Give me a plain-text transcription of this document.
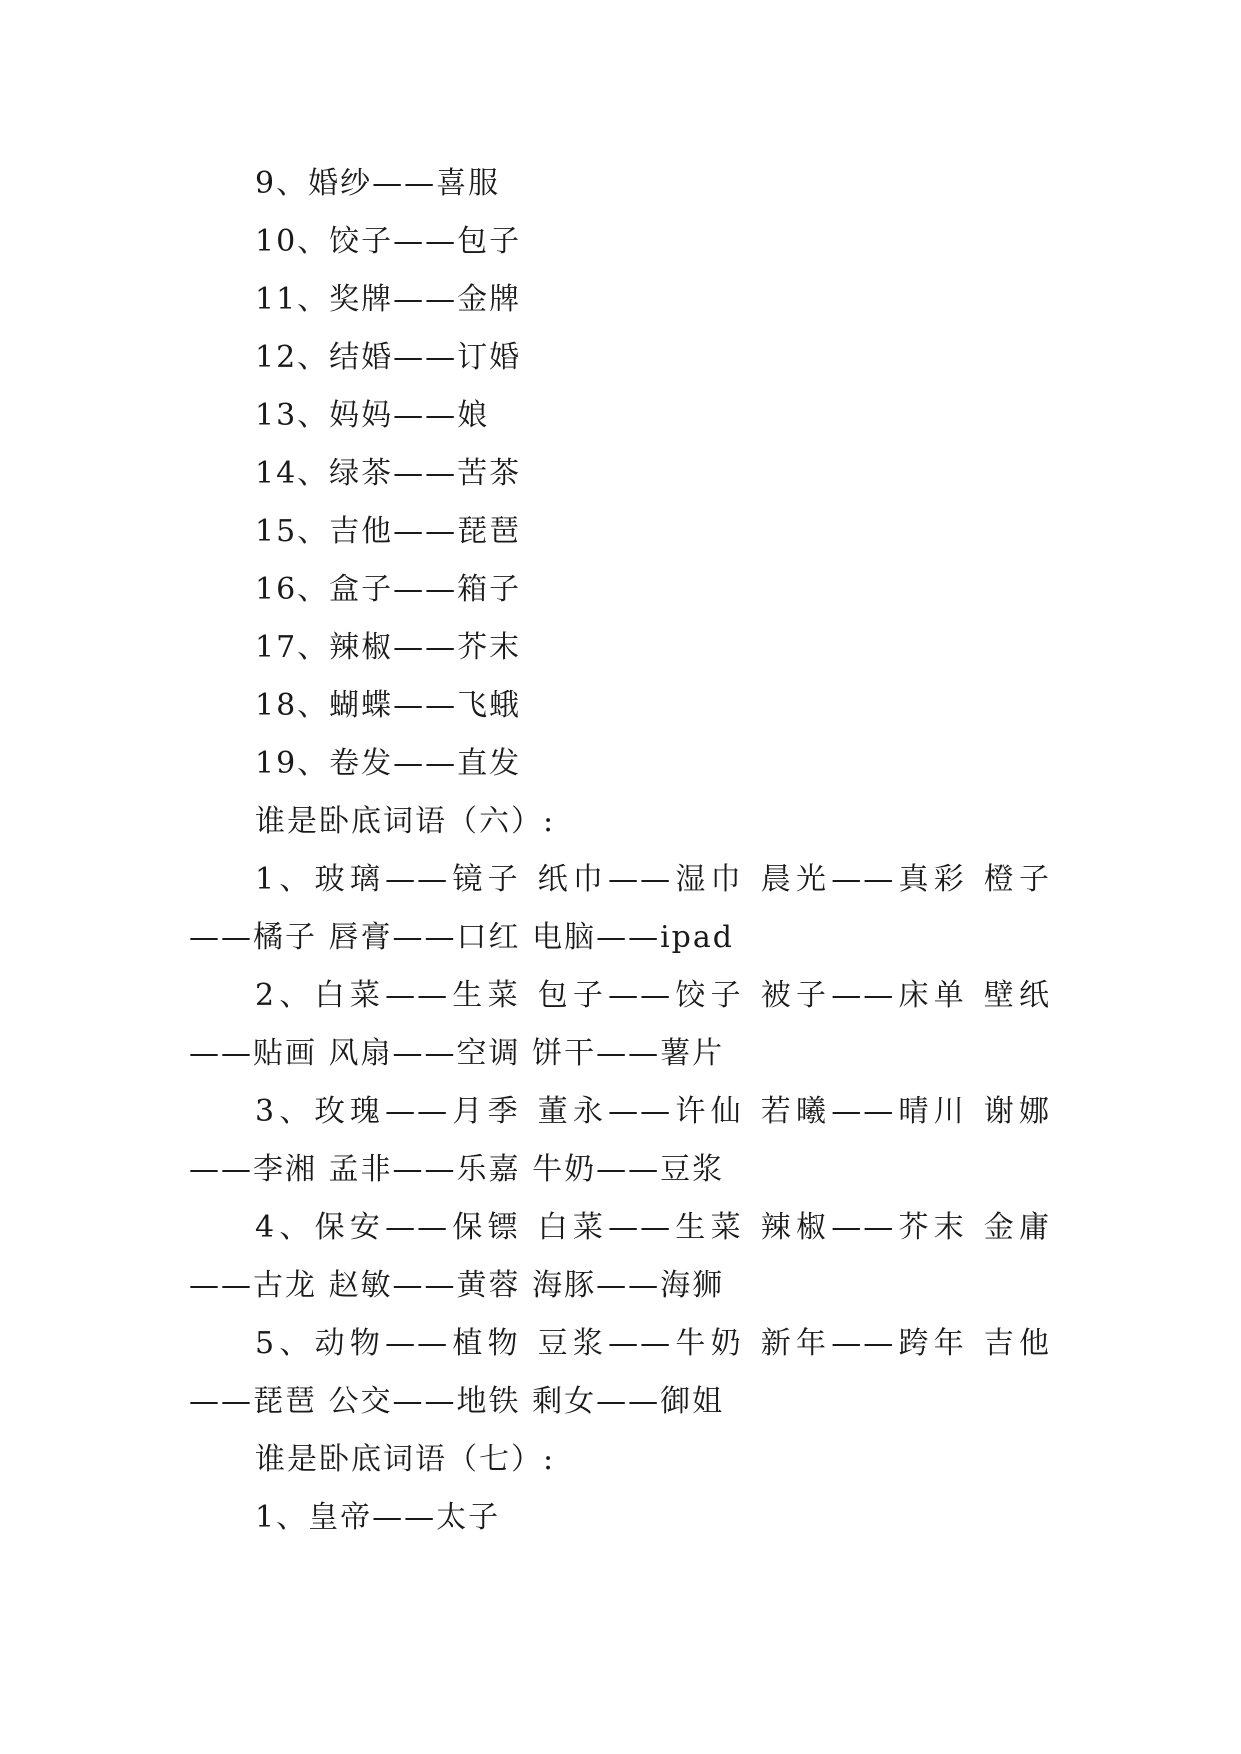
9、婚纱——喜服
10、饺子——包子
11、奖牌——金牌
12、结婚——订婚
13、妈妈——娘
14、绿茶——苦茶
15、吉他——琵琶
16、盒子——箱子
17、辣椒——芥末
18、蝴蝶——飞蛾
19、卷发——直发
谁是卧底词语（六）:
1、玻璃——镜子 纸巾——湿巾 晨光——真彩 橙子
——橘子 唇膏——口红 电脑——ipad
2、白菜——生菜 包子——饺子 被子——床单 壁纸
——贴画 风扇——空调 饼干——薯片
3、玫瑰——月季 董永——许仙 若曦——晴川 谢娜
——李湘 孟非——乐嘉 牛奶——豆浆
4、保安——保镖 白菜——生菜 辣椒——芥末 金庸
——古龙 赵敏——黄蓉 海豚——海狮
5、动物——植物 豆浆——牛奶 新年——跨年 吉他
——琵琶 公交——地铁 剩女——御姐
谁是卧底词语（七）:
1、皇帝——太子
